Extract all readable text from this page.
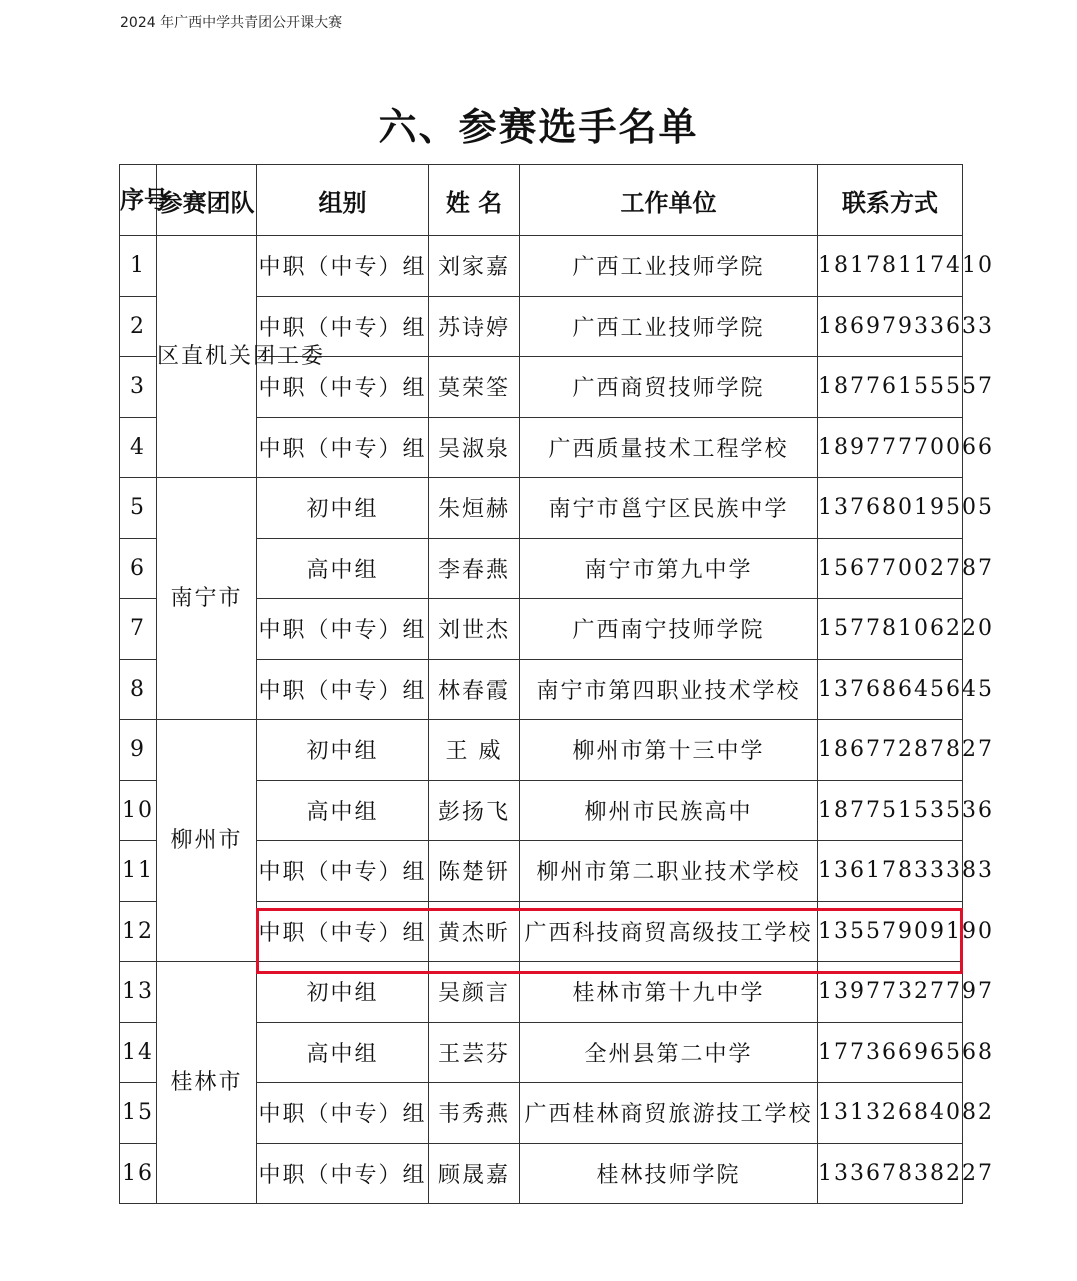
2024 年广西中学共青团公开课大赛
六、参赛选手名单
序号	参赛团队	组别	姓 名	工作单位	联系方式
1	区直机关团工委	中职（中专）组	刘家嘉	广西工业技师学院	18178117410
2		中职（中专）组	苏诗婷	广西工业技师学院	18697933633
3		中职（中专）组	莫荣筌	广西商贸技师学院	18776155557
4		中职（中专）组	吴淑泉	广西质量技术工程学校	18977770066
5	南宁市	初中组	朱烜赫	南宁市邕宁区民族中学	13768019505
6		高中组	李春燕	南宁市第九中学	15677002787
7		中职（中专）组	刘世杰	广西南宁技师学院	15778106220
8		中职（中专）组	林春霞	南宁市第四职业技术学校	13768645645
9	柳州市	初中组	王 威	柳州市第十三中学	18677287827
10		高中组	彭扬飞	柳州市民族高中	18775153536
11		中职（中专）组	陈楚钘	柳州市第二职业技术学校	13617833383
12		中职（中专）组	黄杰昕	广西科技商贸高级技工学校	13557909190
13	桂林市	初中组	吴颜言	桂林市第十九中学	13977327797
14		高中组	王芸芬	全州县第二中学	17736696568
15		中职（中专）组	韦秀燕	广西桂林商贸旅游技工学校	13132684082
16		中职（中专）组	顾晟嘉	桂林技师学院	13367838227
